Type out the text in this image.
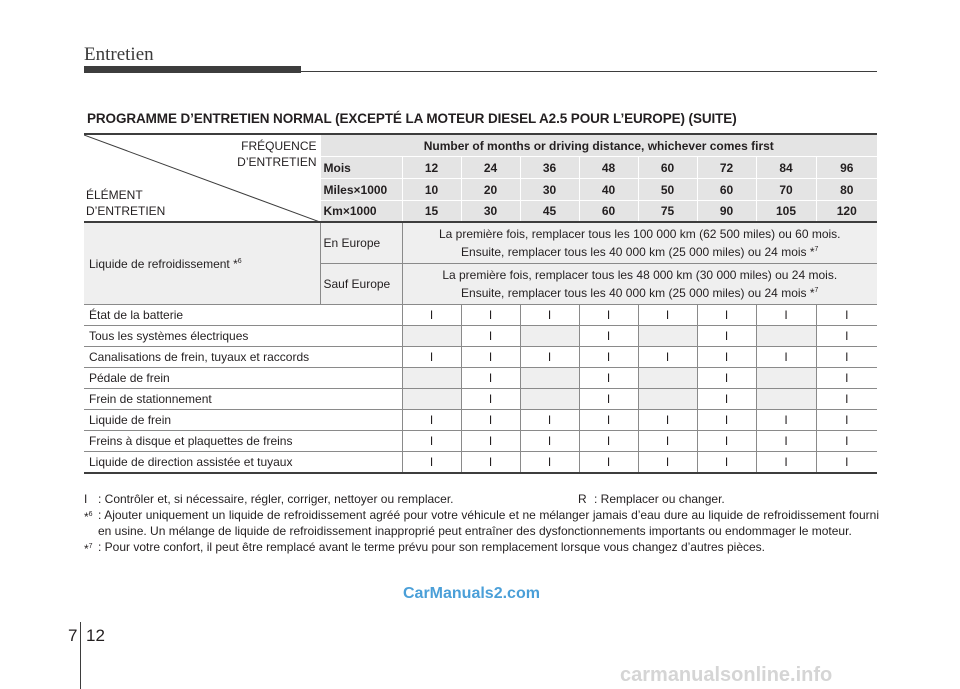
Entretien
PROGRAMME D’ENTRETIEN NORMAL (EXCEPTÉ LA MOTEUR DIESEL A2.5 POUR L’EUROPE) (SUITE)
FRÉQUENCE
D’ENTRETIEN
ÉLÉMENT
D’ENTRETIEN	Number of months or driving distance, whichever comes first								
	Mois	12	24	36	48	60	72	84	96
	Miles×1000	10	20	30	40	50	60	70	80
	Km×1000	15	30	45	60	75	90	105	120
Liquide de refroidissement *$^6$	En Europe	La première fois, remplacer tous les 100 000 km (62 500 miles) ou 60 mois.
Ensuite, remplacer tous les 40 000 km (25 000 miles) ou 24 mois *$^7$

	Sauf Europe	La première fois, remplacer tous les 48 000 km (30 000 miles) ou 24 mois.
Ensuite, remplacer tous les 40 000 km (25 000 miles) ou 24 mois *$^7$

État de la batterie		I	I	I	I	I	I	I	I
Tous les systèmes électriques			I		I		I		I
Canalisations de frein, tuyaux et raccords		I	I	I	I	I	I	I	I
Pédale de frein			I		I		I		I
Frein de stationnement			I		I		I		I
Liquide de frein		I	I	I	I	I	I	I	I
Freins à disque et plaquettes de freins		I	I	I	I	I	I	I	I
Liquide de direction assistée et tuyaux		I	I	I	I	I	I	I	I
I : Contrôler et, si nécessaire, régler, corriger, nettoyer ou remplacer.	R : Remplacer ou changer.
*$^6$ : Ajouter uniquement un liquide de refroidissement agréé pour votre véhicule et ne mélanger jamais d’eau dure au liquide de refroidissement fourni en usine. Un mélange de liquide de refroidissement inapproprié peut entraîner des dysfonctionnements importants ou endommager le moteur.
*$^7$ : Pour votre confort, il peut être remplacé avant le terme prévu pour son remplacement lorsque vous changez d’autres pièces.
CarManuals2.com
7 12
carmanualsonline.info
